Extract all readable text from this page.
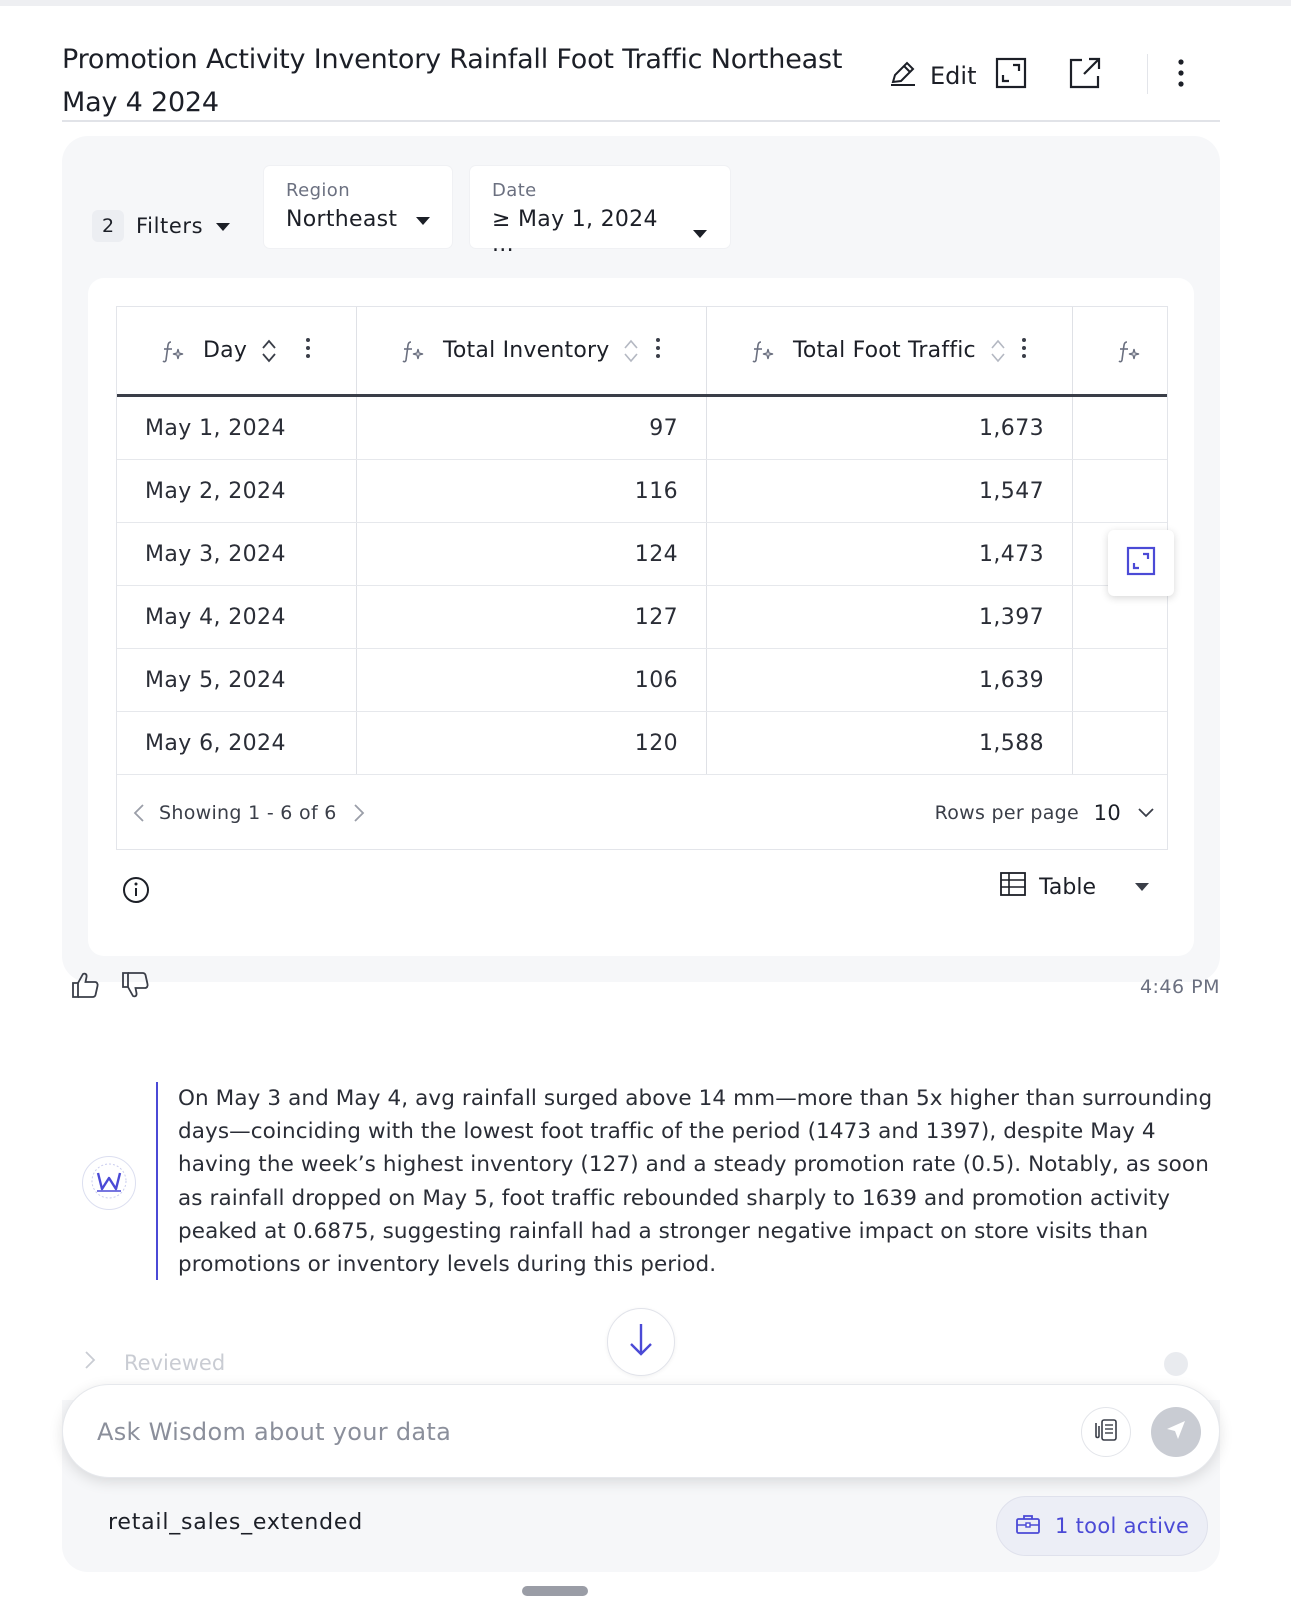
Promotion Activity Inventory Rainfall Foot Traffic Northeast May 4 2024
Edit
2	Filters
Region
Northeast
Date
≥ May 1, 2024 ...
Day	Total Inventory	Total Foot Traffic
May 1, 2024	97	1,673
May 2, 2024	116	1,547
May 3, 2024	124	1,473
May 4, 2024	127	1,397
May 5, 2024	106	1,639
May 6, 2024	120	1,588
Showing 1 - 6 of 6	Rows per page 10
Table
4:46 PM
On May 3 and May 4, avg rainfall surged above 14 mm—more than 5x higher than surrounding days—coinciding with the lowest foot traffic of the period (1473 and 1397), despite May 4 having the week’s highest inventory (127) and a steady promotion rate (0.5). Notably, as soon as rainfall dropped on May 5, foot traffic rebounded sharply to 1639 and promotion activity peaked at 0.6875, suggesting rainfall had a stronger negative impact on store visits than promotions or inventory levels during this period.
Reviewed
Ask Wisdom about your data
retail_sales_extended	1 tool active
